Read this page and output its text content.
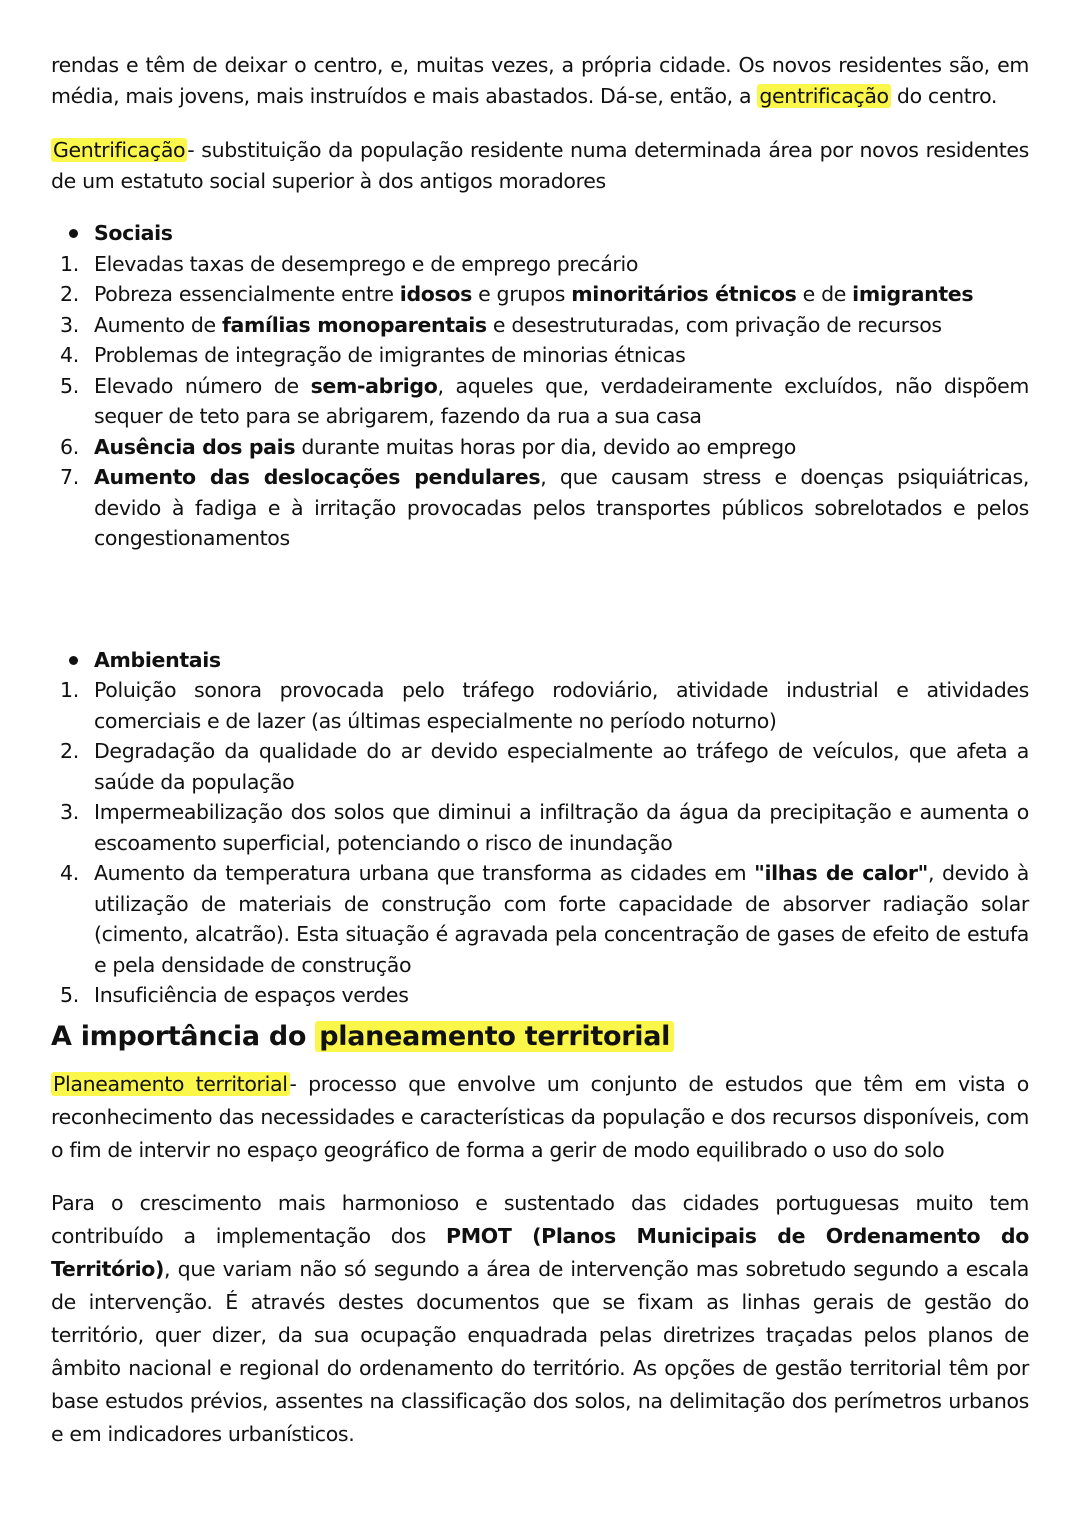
rendas e têm de deixar o centro, e, muitas vezes, a própria cidade. Os novos residentes são, em média, mais jovens, mais instruídos e mais abastados. Dá-se, então, a gentrificação do centro.

Gentrificação- substituição da população residente numa determinada área por novos residentes de um estatuto social superior à dos antigos moradores

Sociais

1. Elevadas taxas de desemprego e de emprego precário
2. Pobreza essencialmente entre idosos e grupos minoritários étnicos e de imigrantes
3. Aumento de famílias monoparentais e desestruturadas, com privação de recursos
4. Problemas de integração de imigrantes de minorias étnicas
5. Elevado número de sem-abrigo, aqueles que, verdadeiramente excluídos, não dispõem sequer de teto para se abrigarem, fazendo da rua a sua casa
6. Ausência dos pais durante muitas horas por dia, devido ao emprego
7. Aumento das deslocações pendulares, que causam stress e doenças psiquiátricas, devido à fadiga e à irritação provocadas pelos transportes públicos sobrelotados e pelos congestionamentos

Ambientais

1. Poluição sonora provocada pelo tráfego rodoviário, atividade industrial e atividades comerciais e de lazer (as últimas especialmente no período noturno)
2. Degradação da qualidade do ar devido especialmente ao tráfego de veículos, que afeta a saúde da população
3. Impermeabilização dos solos que diminui a infiltração da água da precipitação e aumenta o escoamento superficial, potenciando o risco de inundação
4. Aumento da temperatura urbana que transforma as cidades em "ilhas de calor", devido à utilização de materiais de construção com forte capacidade de absorver radiação solar (cimento, alcatrão). Esta situação é agravada pela concentração de gases de efeito de estufa e pela densidade de construção
5. Insuficiência de espaços verdes
A importância do planeamento territorial

Planeamento territorial- processo que envolve um conjunto de estudos que têm em vista o reconhecimento das necessidades e características da população e dos recursos disponíveis, com o fim de intervir no espaço geográfico de forma a gerir de modo equilibrado o uso do solo

Para o crescimento mais harmonioso e sustentado das cidades portuguesas muito tem contribuído a implementação dos PMOT (Planos Municipais de Ordenamento do Território), que variam não só segundo a área de intervenção mas sobretudo segundo a escala de intervenção. É através destes documentos que se fixam as linhas gerais de gestão do território, quer dizer, da sua ocupação enquadrada pelas diretrizes traçadas pelos planos de âmbito nacional e regional do ordenamento do território. As opções de gestão territorial têm por base estudos prévios, assentes na classificação dos solos, na delimitação dos perímetros urbanos e em indicadores urbanísticos.
